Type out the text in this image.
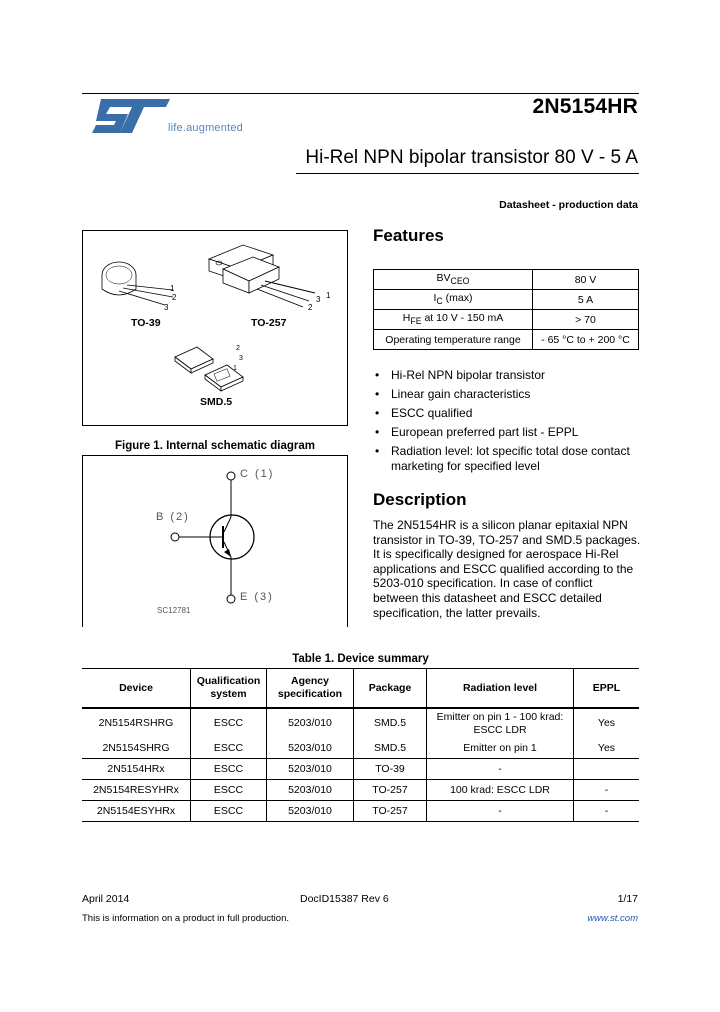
life.augmented
2N5154HR
Hi-Rel NPN bipolar transistor 80 V - 5 A
Datasheet - production data
1
2
3
TO-39
1
2
3
TO-257
2
3
1
SMD.5
Figure 1. Internal schematic diagram
C (1)
B (2)
E (3)
SC12781
Features
$BV_{CEO}$	80 V
$I_C$ (max)	5 A
$H_{FE}$ at 10 V - 150 mA	> 70
Operating temperature range	- 65 °C to + 200 °C
• Hi-Rel NPN bipolar transistor
• Linear gain characteristics
• ESCC qualified
• European preferred part list - EPPL
• Radiation level: lot specific total dose contact marketing for specified level
Description
The 2N5154HR is a silicon planar epitaxial NPN transistor in TO-39, TO-257 and SMD.5 packages. It is specifically designed for aerospace Hi-Rel applications and ESCC qualified according to the 5203-010 specification. In case of conflict between this datasheet and ESCC detailed specification, the latter prevails.
Table 1. Device summary
Device	Qualification system	Agency specification	Package	Radiation level	EPPL
2N5154RSHRG	ESCC	5203/010	SMD.5	Emitter on pin 1 - 100 krad: ESCC LDR	Yes
2N5154SHRG	ESCC	5203/010	SMD.5	Emitter on pin 1	Yes
2N5154HRx	ESCC	5203/010	TO-39	-	
2N5154RESYHRx	ESCC	5203/010	TO-257	100 krad: ESCC LDR	-
2N5154ESYHRx	ESCC	5203/010	TO-257	-	-
April 2014	DocID15387 Rev 6	1/17
This is information on a product in full production.	www.st.com
